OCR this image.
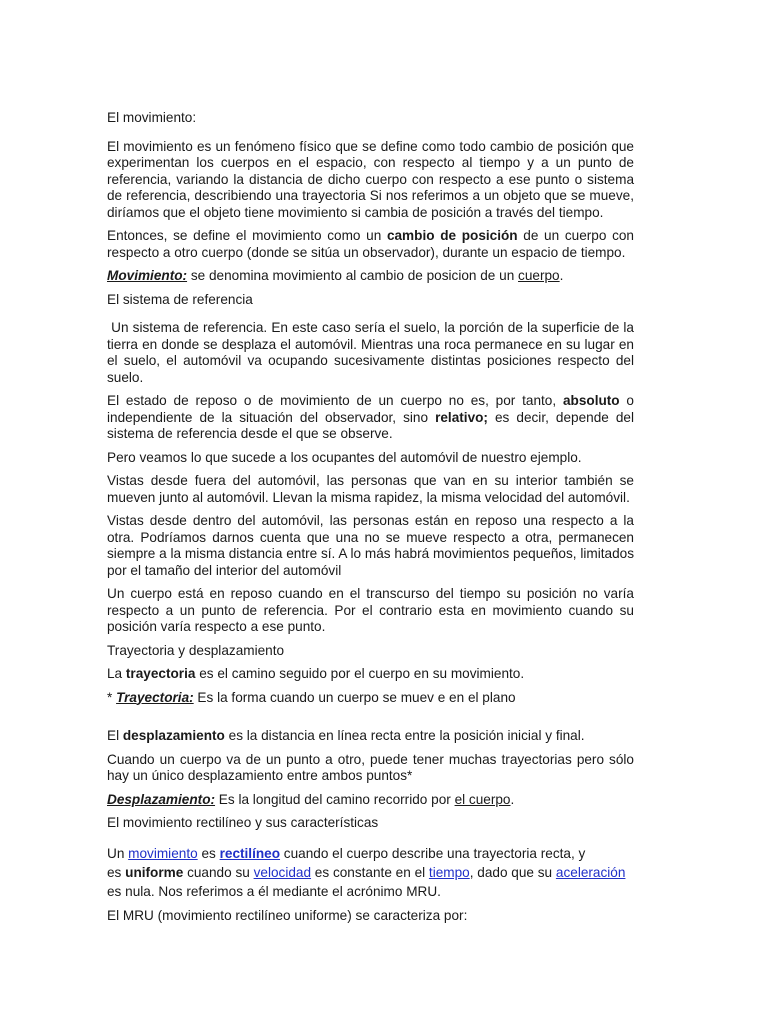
El movimiento:

El movimiento es un fenómeno físico que se define como todo cambio de posición que experimentan los cuerpos en el espacio, con respecto al tiempo y a un punto de referencia, variando la distancia de dicho cuerpo con respecto a ese punto o sistema de referencia, describiendo una trayectoria Si nos referimos a un objeto que se mueve, diríamos que el objeto tiene movimiento si cambia de posición a través del tiempo.

Entonces, se define el movimiento como un cambio de posición de un cuerpo con respecto a otro cuerpo (donde se sitúa un observador), durante un espacio de tiempo.

Movimiento: se denomina movimiento al cambio de posicion de un cuerpo.

El sistema de referencia

Un sistema de referencia. En este caso sería el suelo, la porción de la superficie de la tierra en donde se desplaza el automóvil. Mientras una roca permanece en su lugar en el suelo, el automóvil va ocupando sucesivamente distintas posiciones respecto del suelo.

El estado de reposo o de movimiento de un cuerpo no es, por tanto, absoluto o independiente de la situación del observador, sino relativo; es decir, depende del sistema de referencia desde el que se observe.

Pero veamos lo que sucede a los ocupantes del automóvil de nuestro ejemplo.

Vistas desde fuera del automóvil, las personas que van en su interior también se mueven junto al automóvil. Llevan la misma rapidez, la misma velocidad del automóvil.

Vistas desde dentro del automóvil, las personas están en reposo una respecto a la otra. Podríamos darnos cuenta que una no se mueve respecto a otra, permanecen siempre a la misma distancia entre sí. A lo más habrá movimientos pequeños, limitados por el tamaño del interior del automóvil

Un cuerpo está en reposo cuando en el transcurso del tiempo su posición no varía respecto a un punto de referencia. Por el contrario esta en movimiento cuando su posición varía respecto a ese punto.

Trayectoria y desplazamiento

La trayectoria es el camino seguido por el cuerpo en su movimiento.

* Trayectoria: Es la forma cuando un cuerpo se muev e en el plano

El desplazamiento es la distancia en línea recta entre la posición inicial y final.

Cuando un cuerpo va de un punto a otro, puede tener muchas trayectorias pero sólo hay un único desplazamiento entre ambos puntos*

Desplazamiento: Es la longitud del camino recorrido por el cuerpo.

El movimiento rectilíneo y sus características

Un movimiento es rectilíneo cuando el cuerpo describe una trayectoria recta, y
es uniforme cuando su velocidad es constante en el tiempo, dado que su aceleración es nula. Nos referimos a él mediante el acrónimo MRU.

El MRU (movimiento rectilíneo uniforme) se caracteriza por:
